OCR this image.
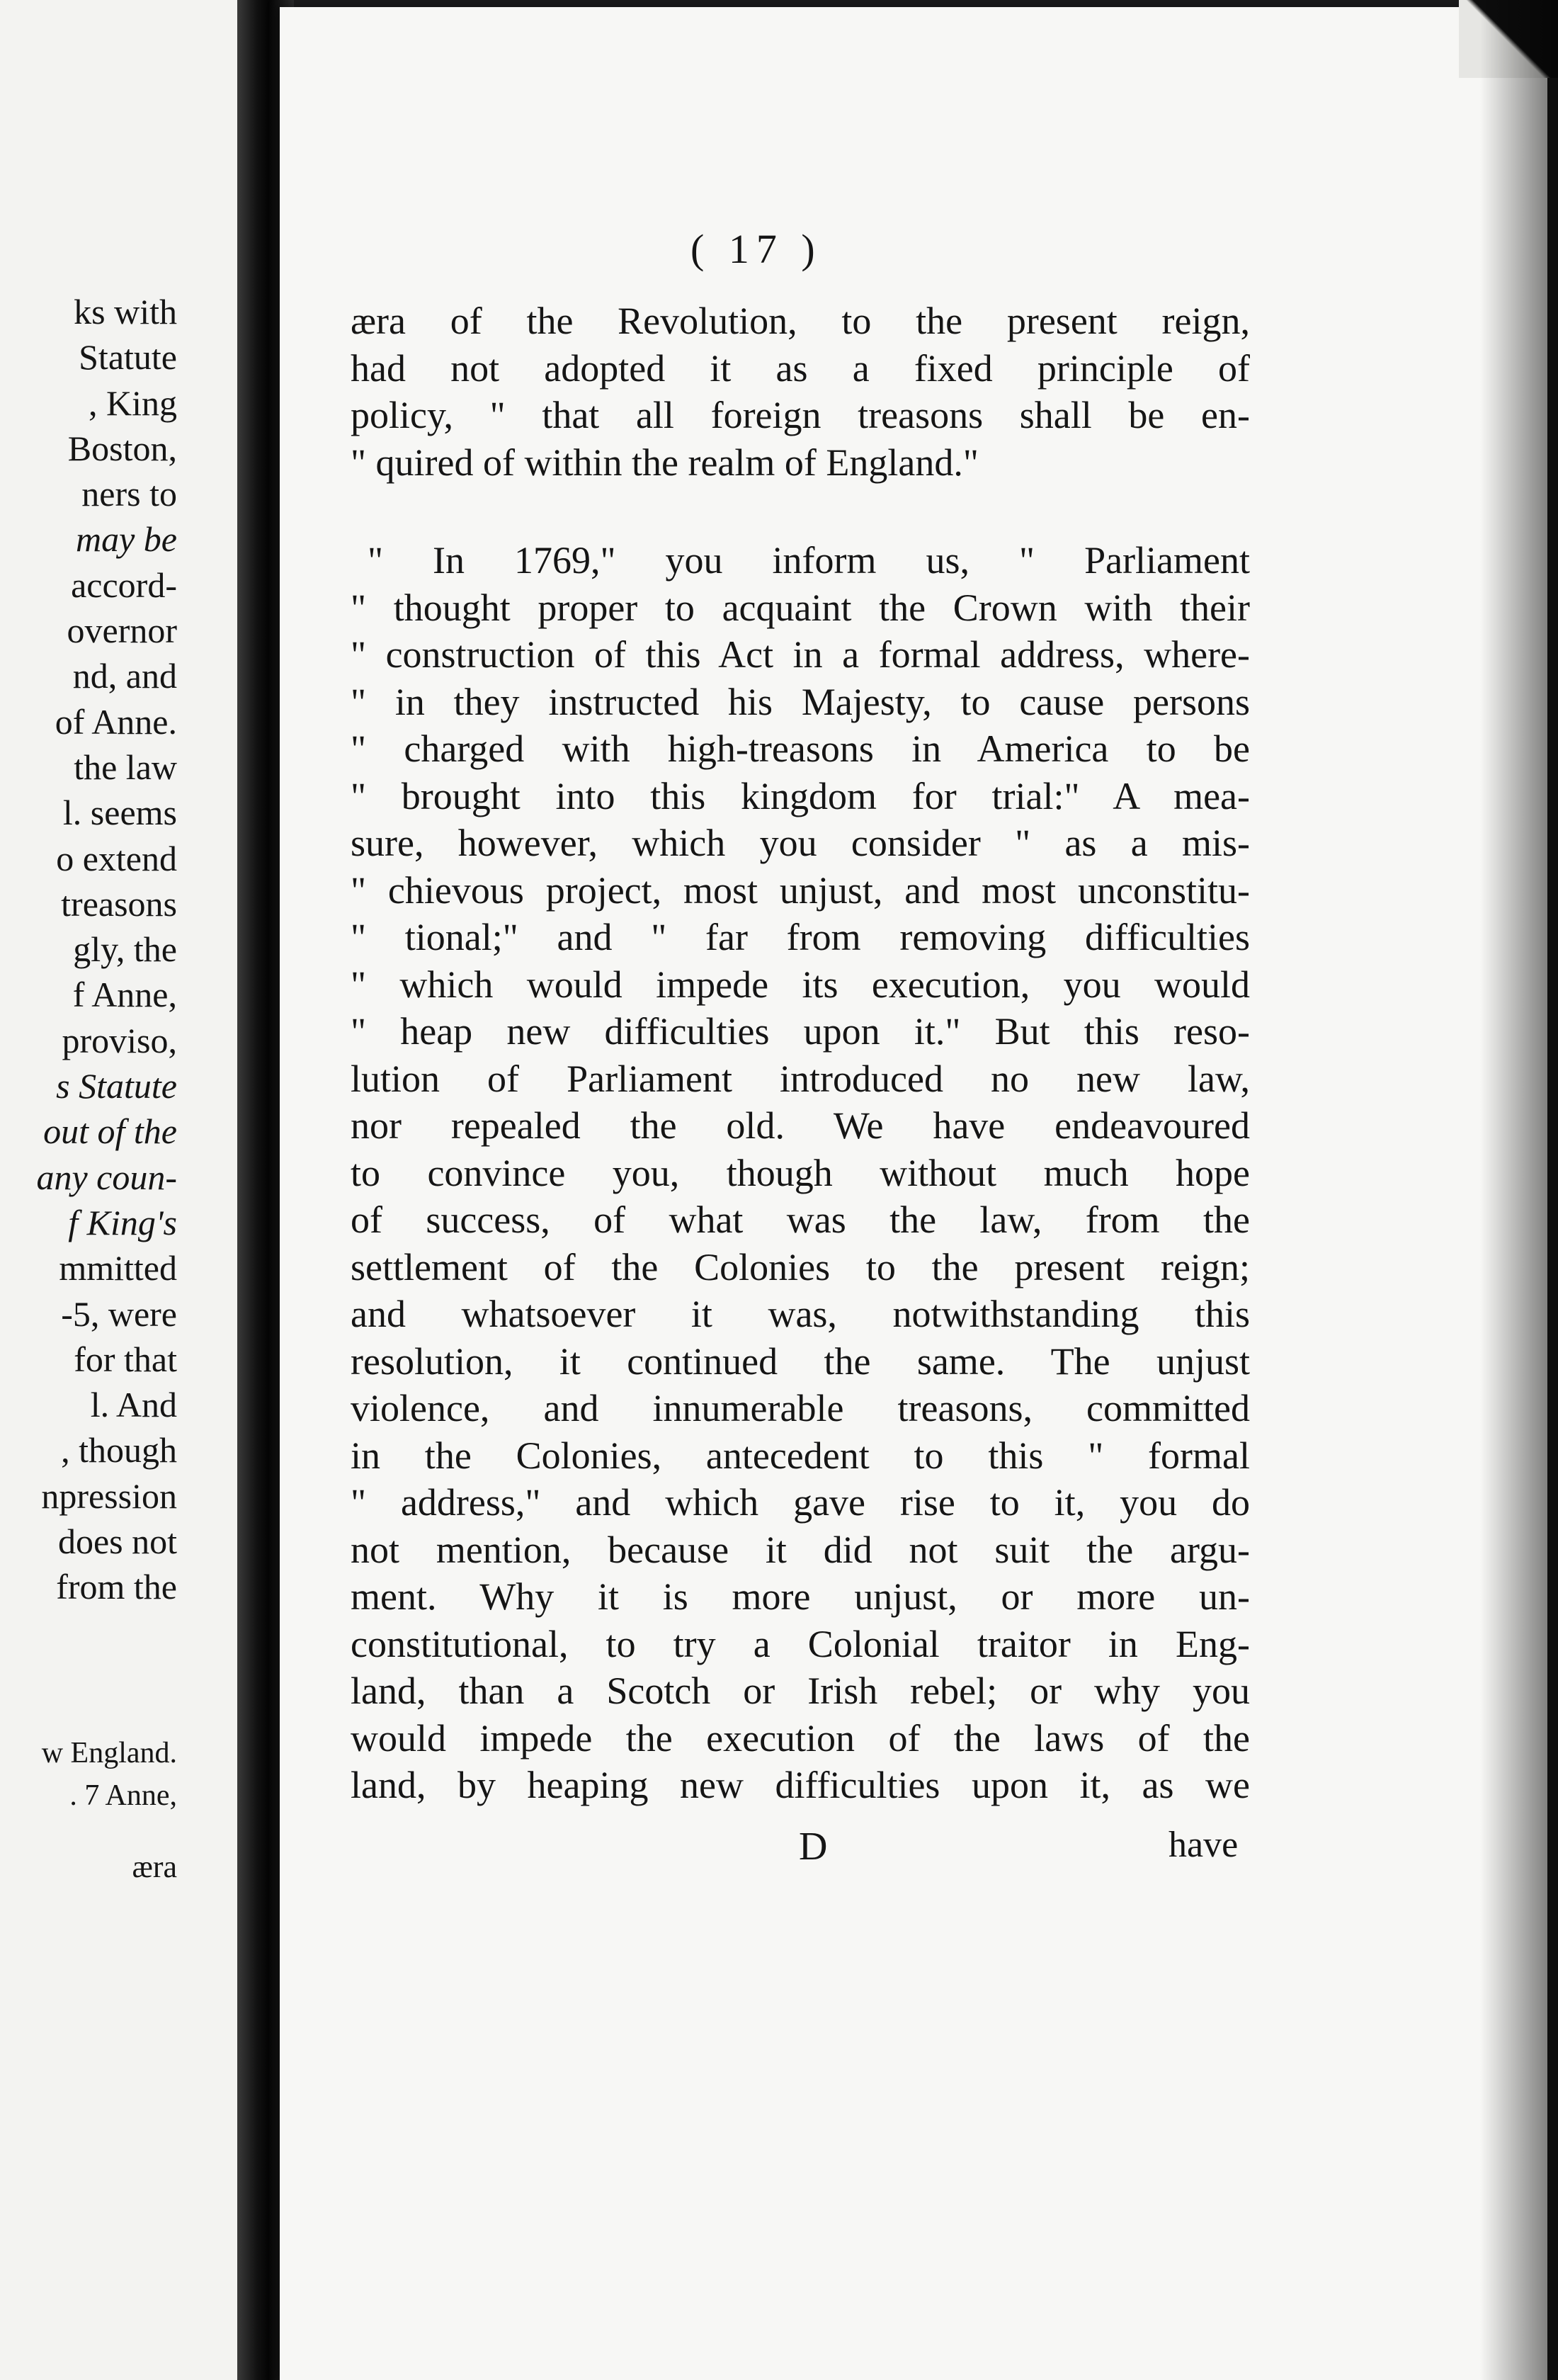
ks with
Statute
, King
Boston,
ners to
may be
accord-
overnor
nd, and
of Anne.
the law
l. seems
o extend
treasons
gly, the
f Anne,
proviso,
s Statute
out of the
any coun-
f King's
mmitted
-5, were
for that
l. And
, though
npression
does not
from the
w England.
. 7 Anne,
æra
( 17 )
æra of the Revolution, to the present reign,
had not adopted it as a fixed principle of
policy, " that all foreign treasons shall be en-
" quired of within the realm of England."
" In 1769," you inform us, " Parliament
" thought proper to acquaint the Crown with their
" construction of this Act in a formal address, where-
" in they instructed his Majesty, to cause persons
" charged with high-treasons in America to be
" brought into this kingdom for trial:" A mea-
sure, however, which you consider " as a mis-
" chievous project, most unjust, and most unconstitu-
" tional;" and " far from removing difficulties
" which would impede its execution, you would
" heap new difficulties upon it." But this reso-
lution of Parliament introduced no new law,
nor repealed the old. We have endeavoured
to convince you, though without much hope
of success, of what was the law, from the
settlement of the Colonies to the present reign;
and whatsoever it was, notwithstanding this
resolution, it continued the same. The unjust
violence, and innumerable treasons, committed
in the Colonies, antecedent to this " formal
" address," and which gave rise to it, you do
not mention, because it did not suit the argu-
ment. Why it is more unjust, or more un-
constitutional, to try a Colonial traitor in Eng-
land, than a Scotch or Irish rebel; or why you
would impede the execution of the laws of the
land, by heaping new difficulties upon it, as we
D	have
